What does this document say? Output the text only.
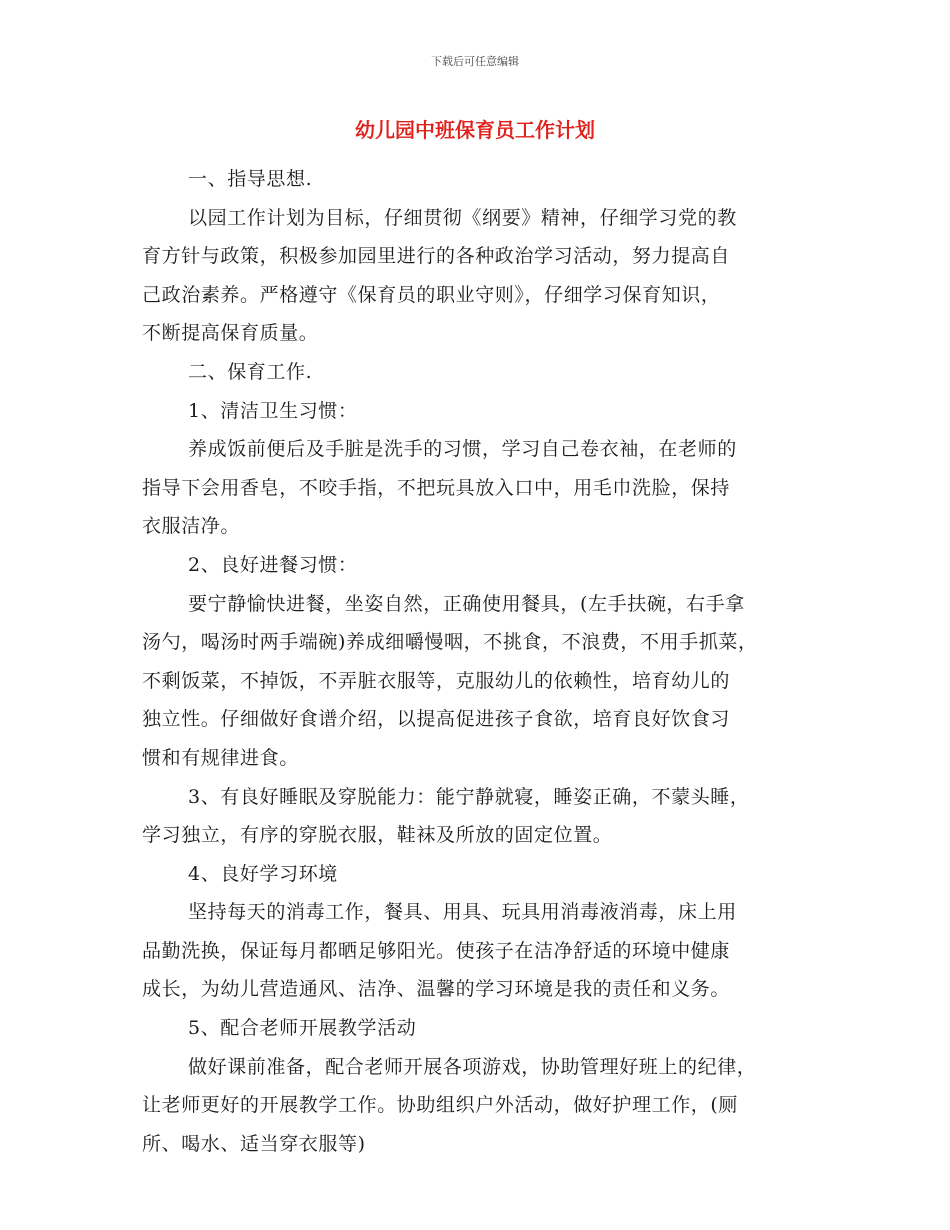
下载后可任意编辑
幼儿园中班保育员工作计划
一、指导思想.
以园工作计划为目标，仔细贯彻《纲要》精神，仔细学习党的教
育方针与政策，积极参加园里进行的各种政治学习活动，努力提高自
己政治素养。严格遵守《保育员的职业守则》，仔细学习保育知识，
不断提高保育质量。
二、保育工作.
1、清洁卫生习惯：
养成饭前便后及手脏是洗手的习惯，学习自己卷衣袖，在老师的
指导下会用香皂，不咬手指，不把玩具放入口中，用毛巾洗脸，保持
衣服洁净。
2、良好进餐习惯：
要宁静愉快进餐，坐姿自然，正确使用餐具，(左手扶碗，右手拿
汤勺，喝汤时两手端碗)养成细嚼慢咽，不挑食，不浪费，不用手抓菜，
不剩饭菜，不掉饭，不弄脏衣服等，克服幼儿的依赖性，培育幼儿的
独立性。仔细做好食谱介绍，以提高促进孩子食欲，培育良好饮食习
惯和有规律进食。
3、有良好睡眠及穿脱能力：能宁静就寝，睡姿正确，不蒙头睡，
学习独立，有序的穿脱衣服，鞋袜及所放的固定位置。
4、良好学习环境
坚持每天的消毒工作，餐具、用具、玩具用消毒液消毒，床上用
品勤洗换，保证每月都晒足够阳光。使孩子在洁净舒适的环境中健康
成长，为幼儿营造通风、洁净、温馨的学习环境是我的责任和义务。
5、配合老师开展教学活动
做好课前准备，配合老师开展各项游戏，协助管理好班上的纪律，
让老师更好的开展教学工作。协助组织户外活动，做好护理工作，(厕
所、喝水、适当穿衣服等)
